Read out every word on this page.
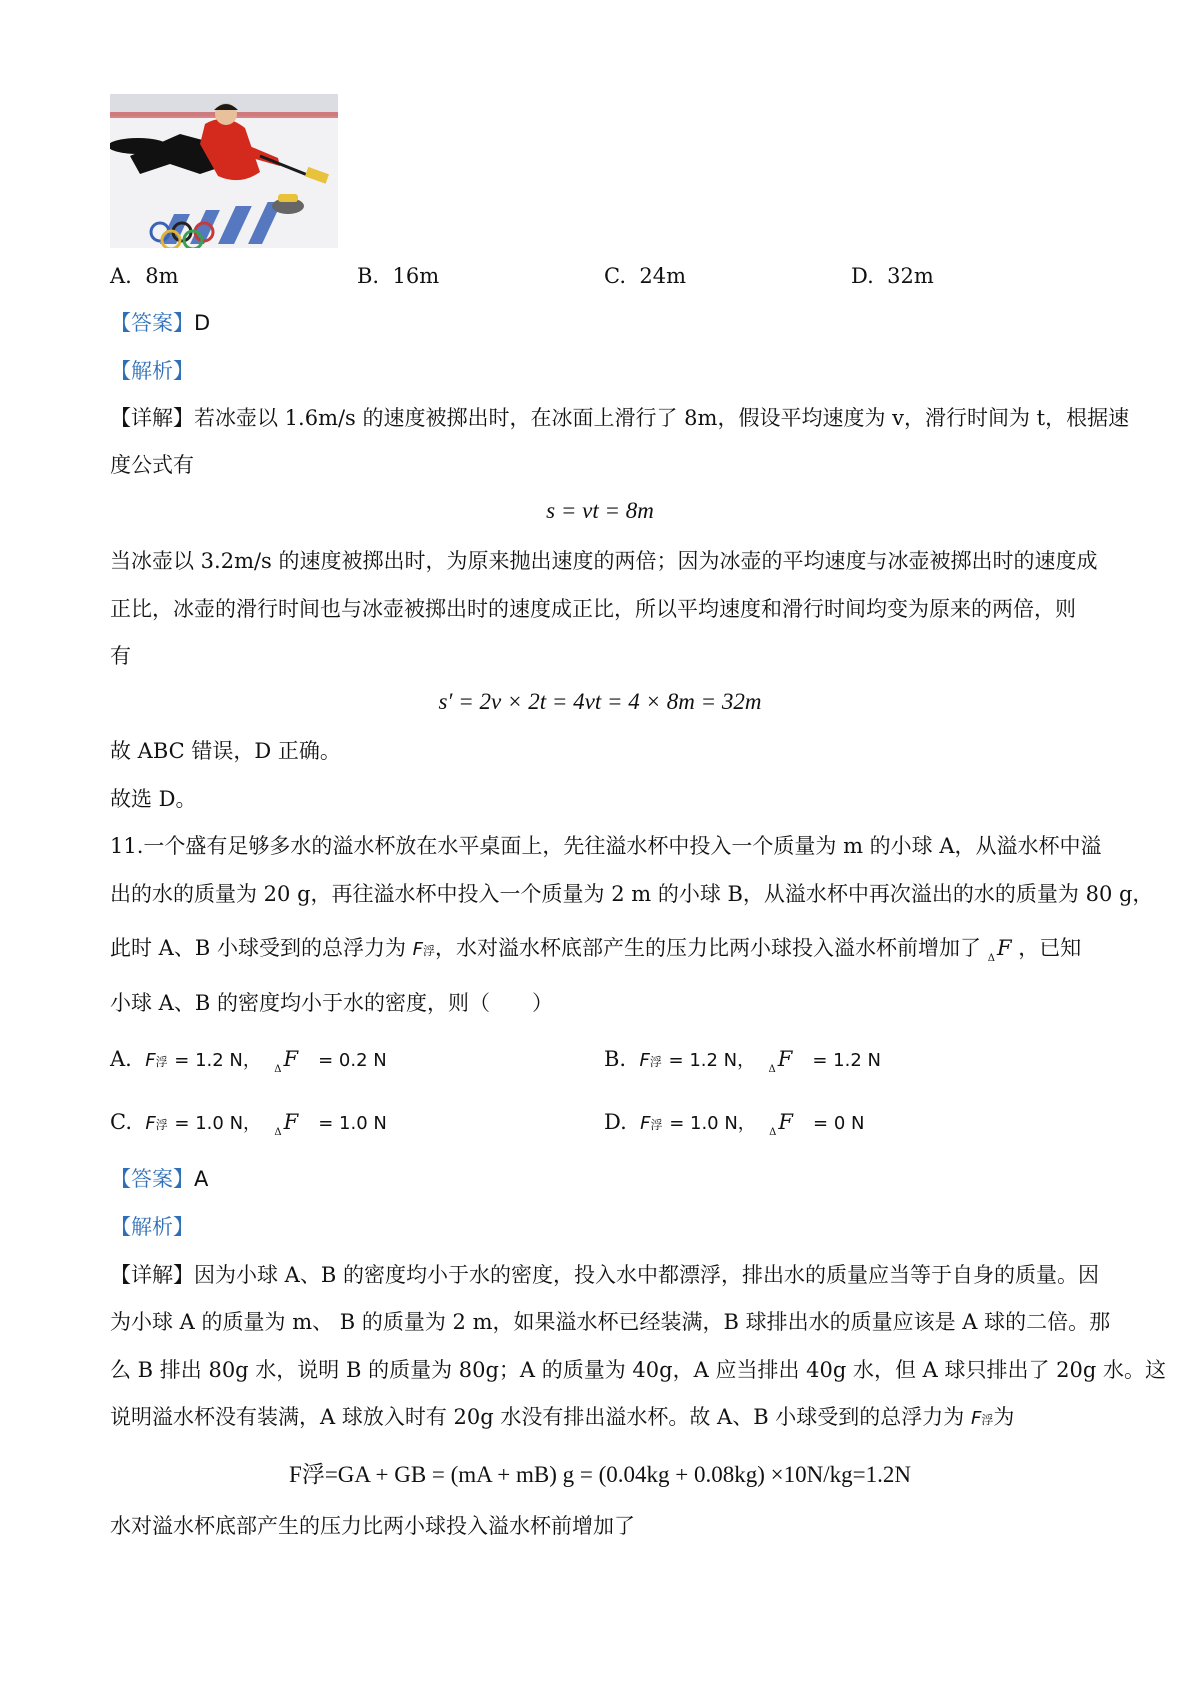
A. 8m	B. 16m	C. 24m	D. 32m
【答案】D
【解析】
【详解】若冰壶以 1.6m/s 的速度被掷出时，在冰面上滑行了 8m，假设平均速度为 v，滑行时间为 t，根据速
度公式有
s = vt = 8m
当冰壶以 3.2m/s 的速度被掷出时，为原来抛出速度的两倍；因为冰壶的平均速度与冰壶被掷出时的速度成
正比，冰壶的滑行时间也与冰壶被掷出时的速度成正比，所以平均速度和滑行时间均变为原来的两倍，则
有
s′ = 2v × 2t = 4vt = 4 × 8m = 32m
故 ABC 错误，D 正确。
故选 D。
11.一个盛有足够多水的溢水杯放在水平桌面上，先往溢水杯中投入一个质量为 m 的小球 A，从溢水杯中溢
出的水的质量为 20 g，再往溢水杯中投入一个质量为 2 m 的小球 B，从溢水杯中再次溢出的水的质量为 80 g，
此时 A、B 小球受到的总浮力为 F浮，水对溢水杯底部产生的压力比两小球投入溢水杯前增加了 $_\Delta$F ，已知
小球 A、B 的密度均小于水的密度，则（　　）
A. F浮 = 1.2 N， $_\Delta$F = 0.2 N	B. F浮 = 1.2 N， $_\Delta$F = 1.2 N
C. F浮 = 1.0 N， $_\Delta$F = 1.0 N	D. F浮 = 1.0 N， $_\Delta$F = 0 N
【答案】A
【解析】
【详解】因为小球 A、B 的密度均小于水的密度，投入水中都漂浮，排出水的质量应当等于自身的质量。因
为小球 A 的质量为 m、 B 的质量为 2 m，如果溢水杯已经装满，B 球排出水的质量应该是 A 球的二倍。那
么 B 排出 80g 水，说明 B 的质量为 80g；A 的质量为 40g，A 应当排出 40g 水，但 A 球只排出了 20g 水。这
说明溢水杯没有装满，A 球放入时有 20g 水没有排出溢水杯。故 A、B 小球受到的总浮力为 F浮为
F浮=GA + GB = (mA + mB) g = (0.04kg + 0.08kg) ×10N/kg=1.2N
水对溢水杯底部产生的压力比两小球投入溢水杯前增加了
